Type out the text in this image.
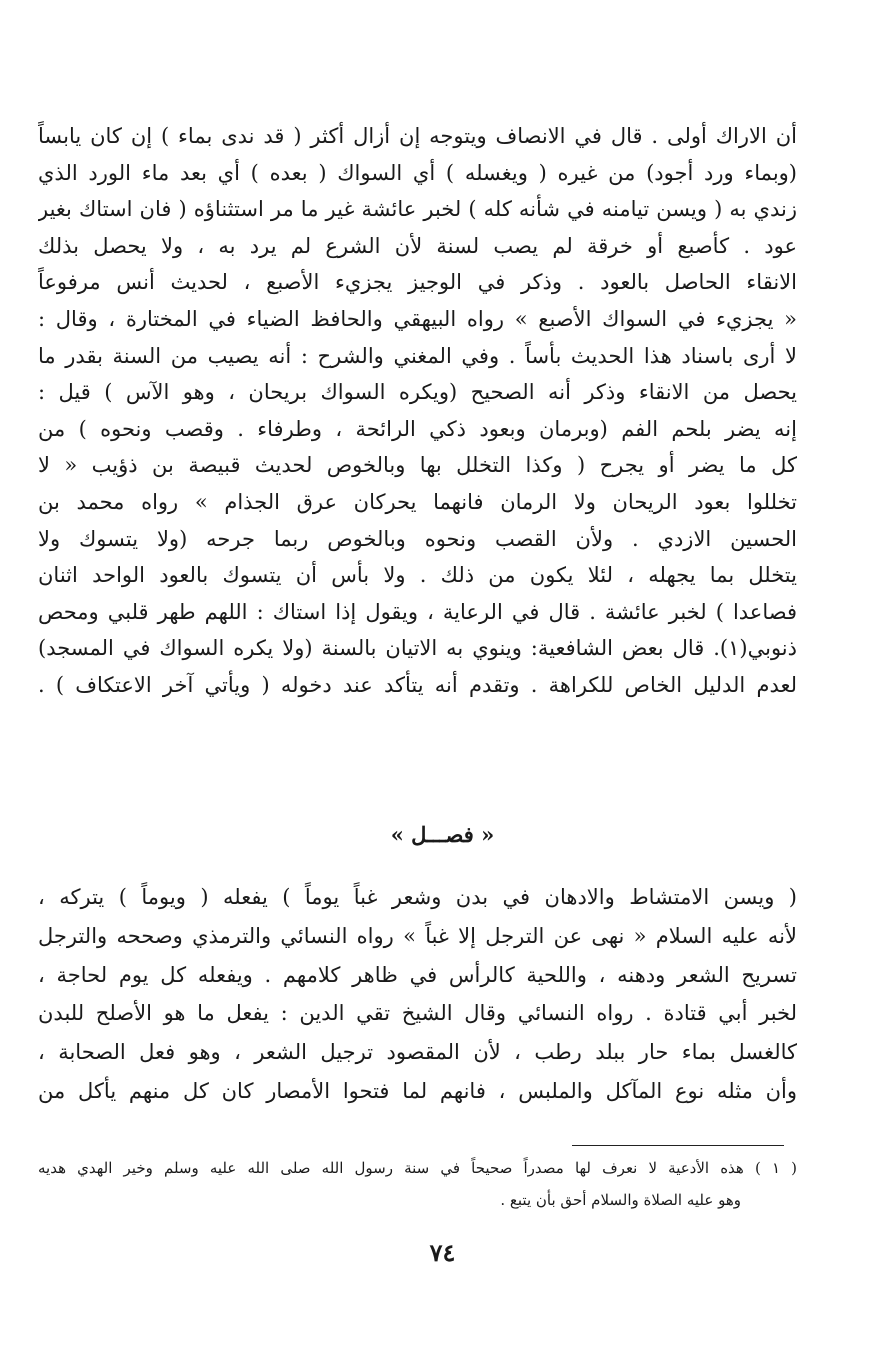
أن الاراك أولى . قال في الانصاف ويتوجه إن أزال أكثر ( قد ندى بماء ) إن كان يابساً
(وبماء ورد أجود) من غيره ( ويغسله ) أي السواك ( بعده ) أي بعد ماء الورد الذي
زندي به ( ويسن تيامنه في شأنه كله ) لخبر عائشة غير ما مر استثناؤه ( فان استاك بغير
عود . كأصبع أو خرقة لم يصب لسنة لأن الشرع لم يرد به ، ولا يحصل بذلك
الانقاء الحاصل بالعود . وذكر في الوجيز يجزيء الأصبع ، لحديث أنس مرفوعاً
« يجزيء في السواك الأصبع » رواه البيهقي والحافظ الضياء في المختارة ، وقال :
لا أرى باسناد هذا الحديث بأساً . وفي المغني والشرح : أنه يصيب من السنة بقدر ما
يحصل من الانقاء وذكر أنه الصحيح (ويكره السواك بريحان ، وهو الآس ) قيل :
إنه يضر بلحم الفم (وبرمان وبعود ذكي الرائحة ، وطرفاء . وقصب ونحوه ) من
كل ما يضر أو يجرح ( وكذا التخلل بها وبالخوص لحديث قبيصة بن ذؤيب « لا
تخللوا بعود الريحان ولا الرمان فانهما يحركان عرق الجذام » رواه محمد بن
الحسين الازدي . ولأن القصب ونحوه وبالخوص ربما جرحه (ولا يتسوك ولا
يتخلل بما يجهله ، لئلا يكون من ذلك . ولا بأس أن يتسوك بالعود الواحد اثنان
فصاعدا ) لخبر عائشة . قال في الرعاية ، ويقول إذا استاك : اللهم طهر قلبي ومحص
ذنوبي(١). قال بعض الشافعية: وينوي به الاتيان بالسنة (ولا يكره السواك في المسجد)
لعدم الدليل الخاص للكراهة . وتقدم أنه يتأكد عند دخوله ( ويأتي آخر الاعتكاف ) .
« فصـــل »
( ويسن الامتشاط والادهان في بدن وشعر غباً يوماً ) يفعله ( ويوماً ) يتركه ،
لأنه عليه السلام « نهى عن الترجل إلا غباً » رواه النسائي والترمذي وصححه والترجل
تسريح الشعر ودهنه ، واللحية كالرأس في ظاهر كلامهم . ويفعله كل يوم لحاجة ،
لخبر أبي قتادة . رواه النسائي وقال الشيخ تقي الدين : يفعل ما هو الأصلح للبدن
كالغسل بماء حار ببلد رطب ، لأن المقصود ترجيل الشعر ، وهو فعل الصحابة ،
وأن مثله نوع المآكل والملبس ، فانهم لما فتحوا الأمصار كان كل منهم يأكل من
( ١ ) هذه الأدعية لا نعرف لها مصدراً صحيحاً في سنة رسول الله صلى الله عليه وسلم وخير الهدي هديه
وهو عليه الصلاة والسلام أحق بأن يتبع .
٧٤
